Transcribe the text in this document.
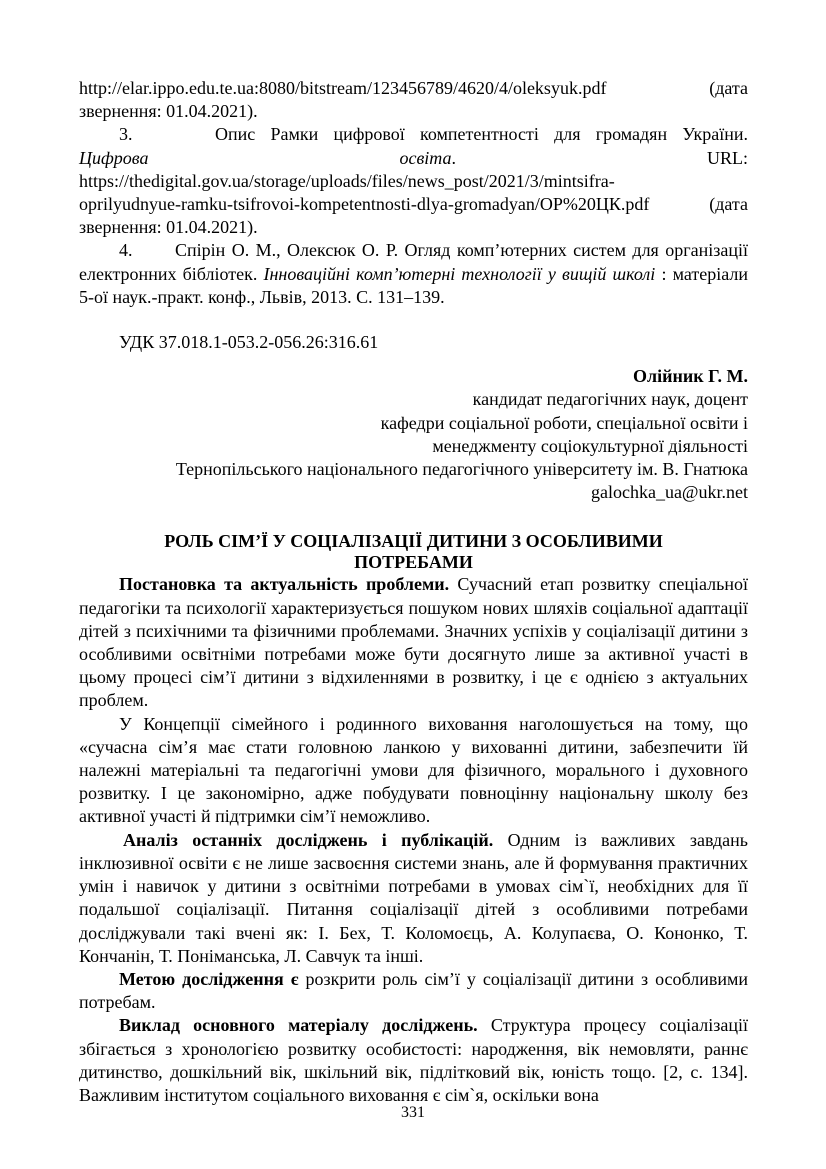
http://elar.ippo.edu.te.ua:8080/bitstream/123456789/4620/4/oleksyuk.pdf	(дата
звернення: 01.04.2021).

3.	Опис Рамки цифрової компетентності для громадян України.

Цифрова	освіта.	URL:
https://thedigital.gov.ua/storage/uploads/files/news_post/2021/3/mintsifra-
oprilyudnyue-ramku-tsifrovoi-kompetentnosti-dlya-gromadyan/OP%20ЦК.pdf	(дата
звернення: 01.04.2021).

4. Спірін О. М., Олексюк О. Р. Огляд комп’ютерних систем для організації електронних бібліотек. Інноваційні комп’ютерні технології у вищій школі : матеріали 5-ої наук.-практ. конф., Львів, 2013. С. 131–139.

УДК 37.018.1-053.2-056.26:316.61
Олійник Г. М.
кандидат педагогічних наук, доцент
кафедри соціальної роботи, спеціальної освіти і
менеджменту соціокультурної діяльності
Тернопільського національного педагогічного університету ім. В. Гнатюка
galochka_ua@ukr.net
РОЛЬ СІМ’Ї У СОЦІАЛІЗАЦІЇ ДИТИНИ З ОСОБЛИВИМИ
ПОТРЕБАМИ

Постановка та актуальність проблеми. Сучасний етап розвитку спеціальної педагогіки та психології характеризується пошуком нових шляхів соціальної адаптації дітей з психічними та фізичними проблемами. Значних успіхів у соціалізації дитини з особливими освітніми потребами може бути досягнуто лише за активної участі в цьому процесі сім’ї дитини з відхиленнями в розвитку, і це є однією з актуальних проблем.

У Концепції сімейного і родинного виховання наголошується на тому, що «сучасна сім’я має стати головною ланкою у вихованні дитини, забезпечити їй належні матеріальні та педагогічні умови для фізичного, морального і духовного розвитку. І це закономірно, адже побудувати повноцінну національну школу без активної участі й підтримки сім’ї неможливо.

Аналіз останніх досліджень і публікацій. Одним із важливих завдань інклюзивної освіти є не лише засвоєння системи знань, але й формування практичних умін і навичок у дитини з освітніми потребами в умовах сім`ї, необхідних для її подальшої соціалізації. Питання соціалізації дітей з особливими потребами досліджували такі вчені як: І. Бех, Т. Коломоєць, А. Колупаєва, О. Кононко, Т. Кончанін, Т. Поніманська, Л. Савчук та інші.

Метою дослідження є розкрити роль сім’ї у соціалізації дитини з особливими потребам.

Виклад основного матеріалу досліджень. Структура процесу соціалізації збігається з хронологією розвитку особистості: народження, вік немовляти, раннє дитинство, дошкільний вік, шкільний вік, підлітковий вік, юність тощо. [2, с. 134]. Важливим інститутом соціального виховання є сім`я, оскільки вона

331
